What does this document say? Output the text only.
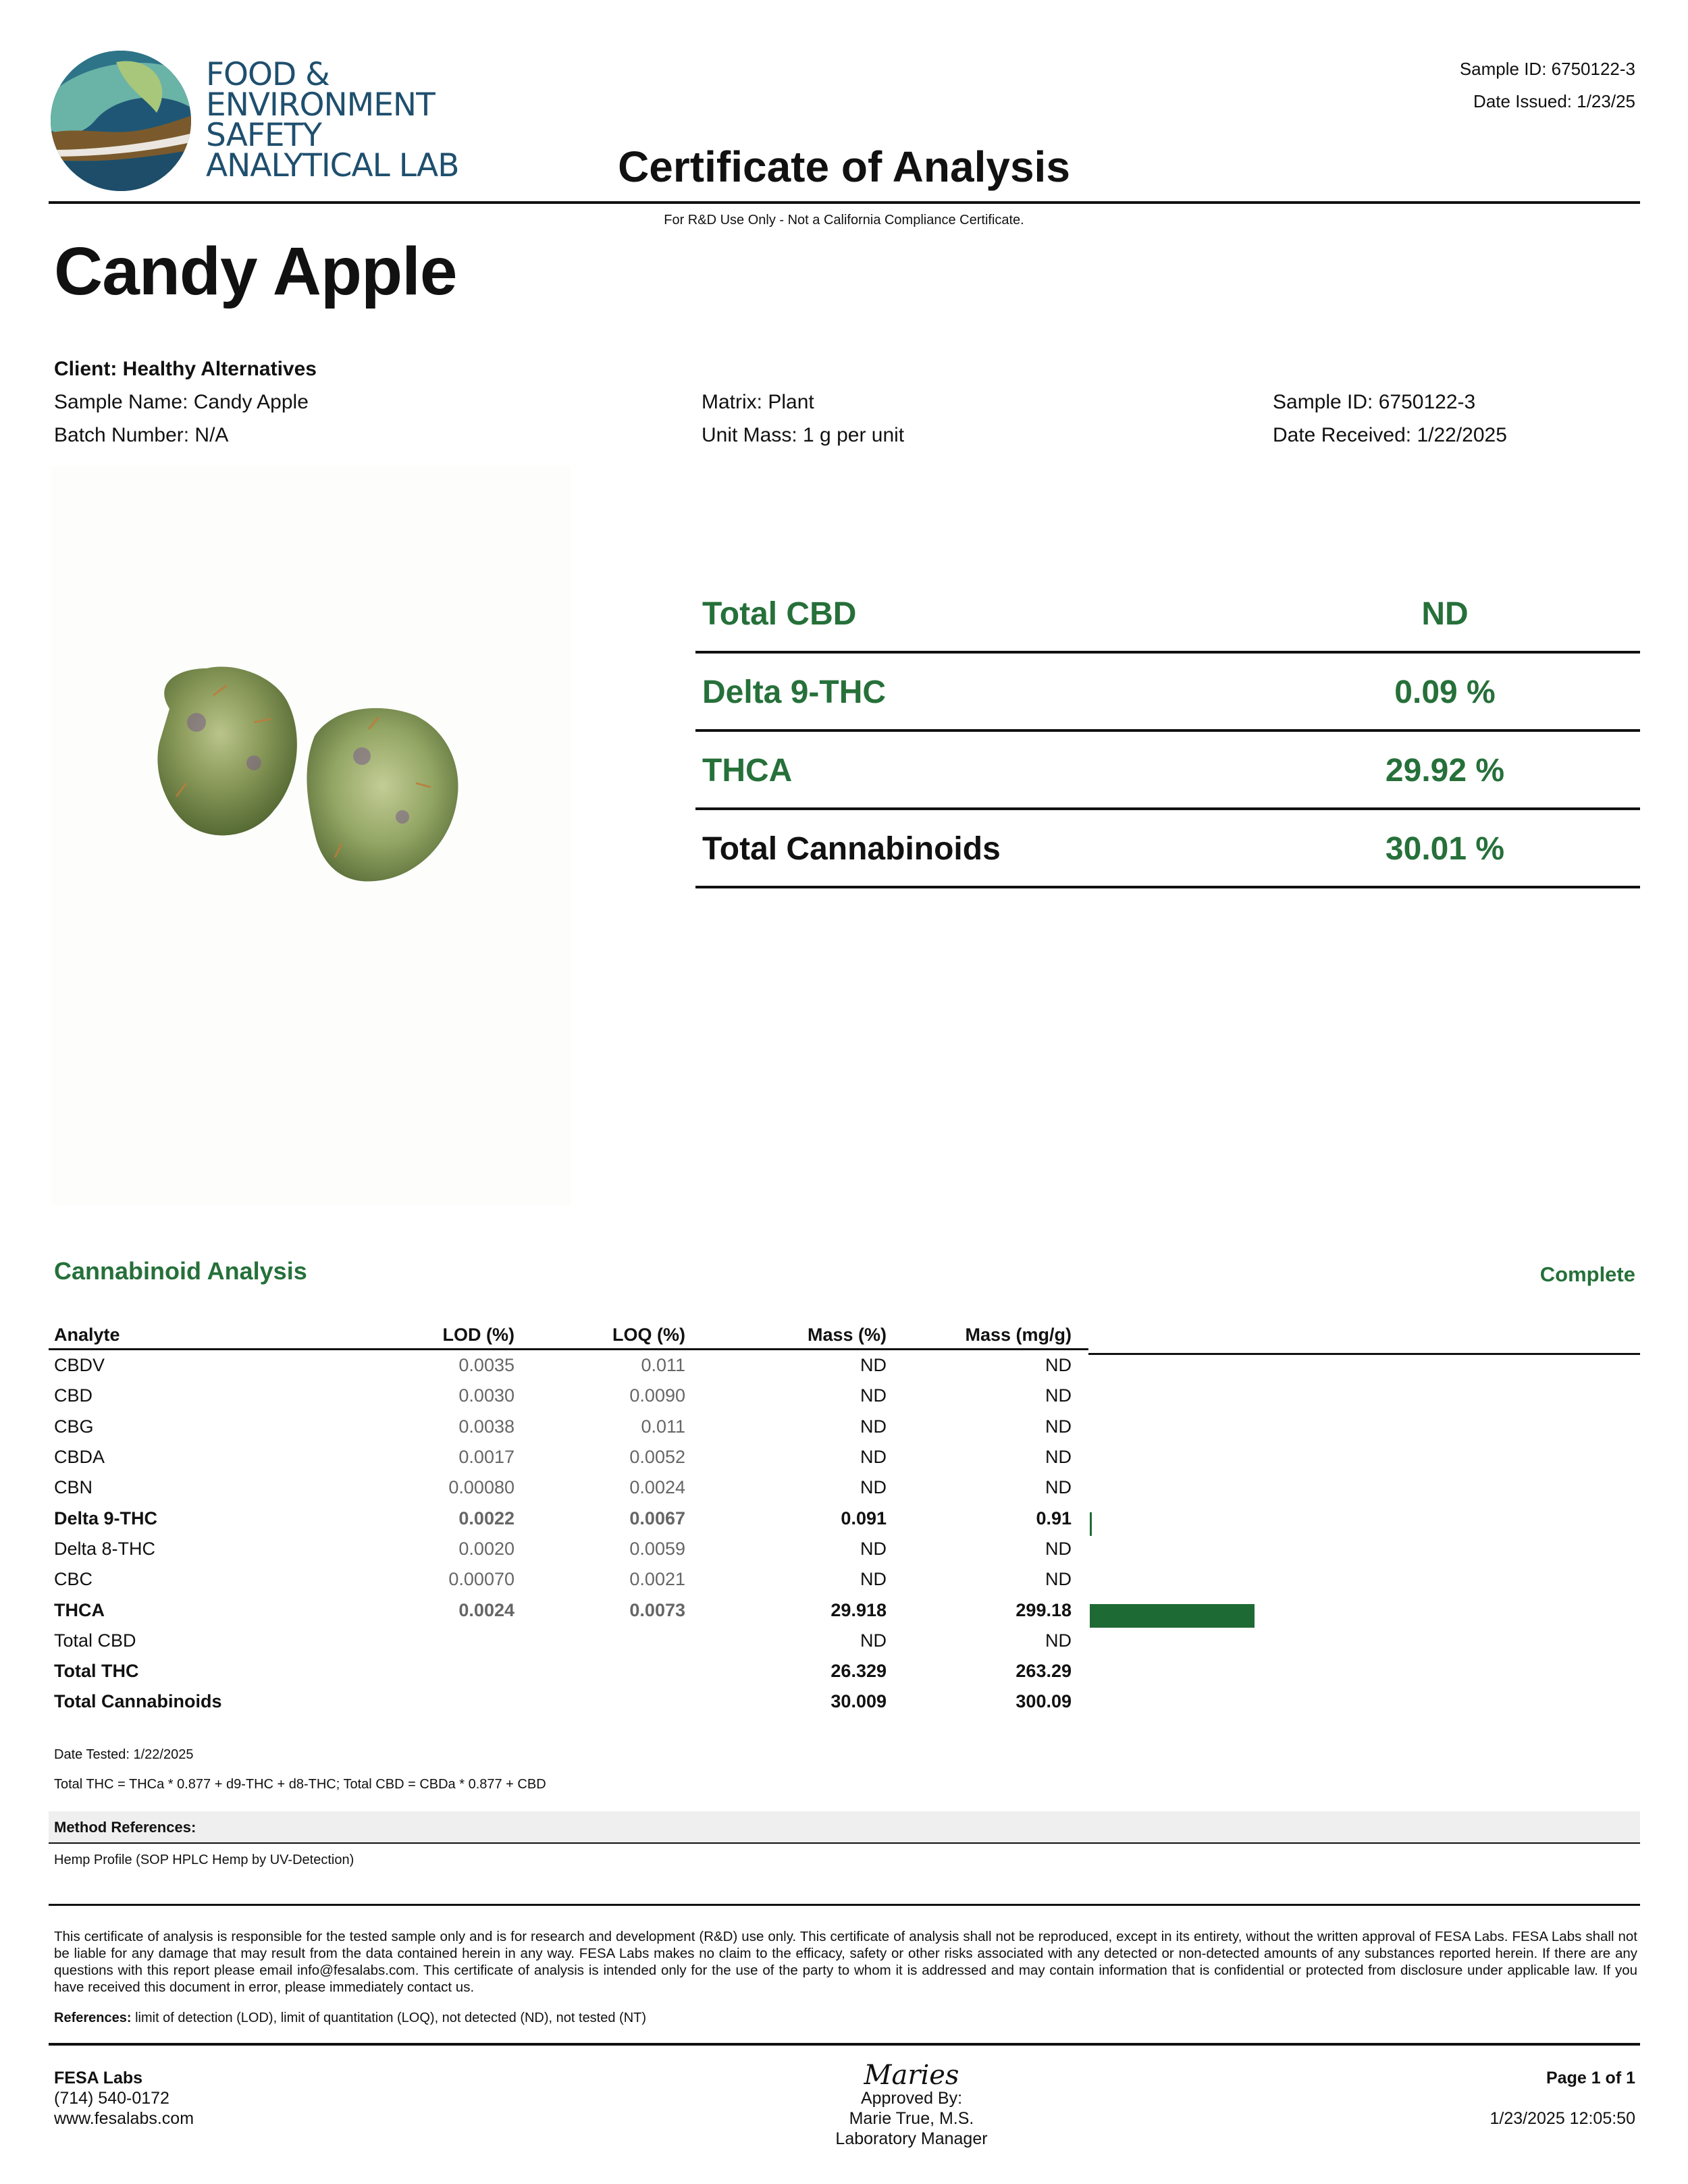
FOOD &
ENVIRONMENT
SAFETY
ANALYTICAL LAB
Sample ID: 6750122-3
Date Issued: 1/23/25
Certificate of Analysis
For R&D Use Only - Not a California Compliance Certificate.
Candy Apple
Client: Healthy Alternatives
Sample Name: Candy Apple
Batch Number: N/A
Matrix: Plant
Unit Mass: 1 g per unit
Sample ID: 6750122-3
Date Received: 1/22/2025
Total CBD	ND
Delta 9-THC	0.09 %
THCA	29.92 %
Total Cannabinoids	30.01 %
Cannabinoid Analysis	Complete
Analyte	LOD (%)	LOQ (%)	Mass (%)	Mass (mg/g)	
CBDV	0.0035	0.011	ND	ND	
CBD	0.0030	0.0090	ND	ND	
CBG	0.0038	0.011	ND	ND	
CBDA	0.0017	0.0052	ND	ND	
CBN	0.00080	0.0024	ND	ND	
Delta 9-THC	0.0022	0.0067	0.091	0.91	
Delta 8-THC	0.0020	0.0059	ND	ND	
CBC	0.00070	0.0021	ND	ND	
THCA	0.0024	0.0073	29.918	299.18	
Total CBD			ND	ND	
Total THC			26.329	263.29	
Total Cannabinoids			30.009	300.09	
Date Tested: 1/22/2025
Total THC = THCa * 0.877 + d9-THC + d8-THC; Total CBD = CBDa * 0.877 + CBD
Method References:
Hemp Profile (SOP HPLC Hemp by UV-Detection)
This certificate of analysis is responsible for the tested sample only and is for research and development (R&D) use only. This certificate of analysis shall not be reproduced, except in its entirety, without the written approval of FESA Labs. FESA Labs shall not be liable for any damage that may result from the data contained herein in any way. FESA Labs makes no claim to the efficacy, safety or other risks associated with any detected or non-detected amounts of any substances reported herein. If there are any questions with this report please email info@fesalabs.com. This certificate of analysis is intended only for the use of the party to whom it is addressed and may contain information that is confidential or protected from disclosure under applicable law. If you have received this document in error, please immediately contact us.
References: limit of detection (LOD), limit of quantitation (LOQ), not detected (ND), not tested (NT)
FESA Labs
(714) 540-0172
www.fesalabs.com
Maries
Approved By:
Marie True, M.S.
Laboratory Manager
Page 1 of 1
1/23/2025 12:05:50
